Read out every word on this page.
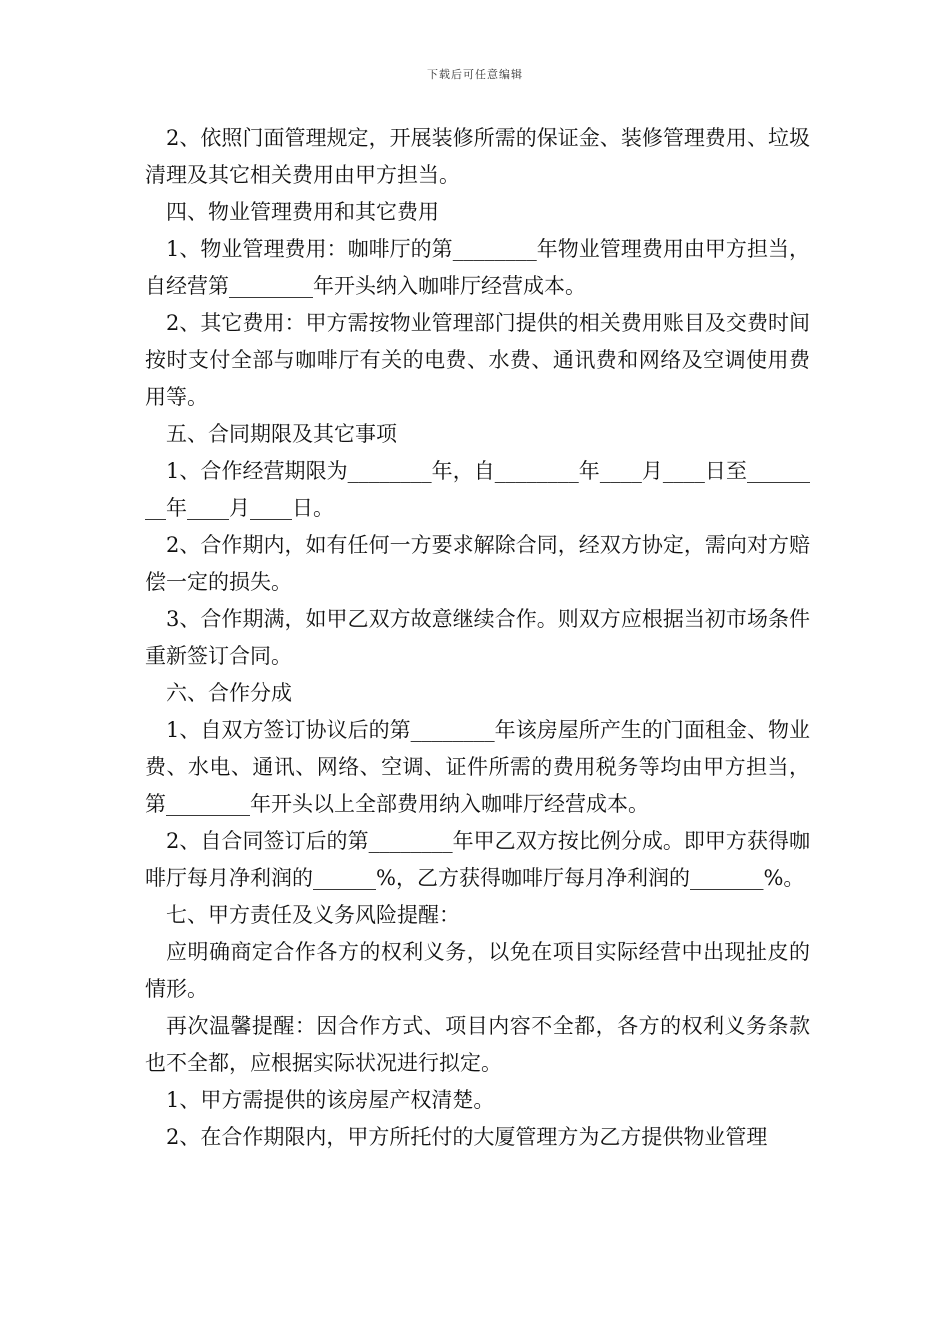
下载后可任意编辑

2、依照门面管理规定，开展装修所需的保证金、装修管理费用、垃圾清理及其它相关费用由甲方担当。

四、物业管理费用和其它费用

1、物业管理费用：咖啡厅的第________年物业管理费用由甲方担当，自经营第________年开头纳入咖啡厅经营成本。

2、其它费用：甲方需按物业管理部门提供的相关费用账目及交费时间按时支付全部与咖啡厅有关的电费、水费、通讯费和网络及空调使用费用等。

五、合同期限及其它事项

1、合作经营期限为________年，自________年____月____日至________年____月____日。

2、合作期内，如有任何一方要求解除合同，经双方协定，需向对方赔偿一定的损失。

3、合作期满，如甲乙双方故意继续合作。则双方应根据当初市场条件重新签订合同。

六、合作分成

1、自双方签订协议后的第________年该房屋所产生的门面租金、物业费、水电、通讯、网络、空调、证件所需的费用税务等均由甲方担当，第________年开头以上全部费用纳入咖啡厅经营成本。

2、自合同签订后的第________年甲乙双方按比例分成。即甲方获得咖啡厅每月净利润的______%，乙方获得咖啡厅每月净利润的_______%。

七、甲方责任及义务风险提醒：

应明确商定合作各方的权利义务，以免在项目实际经营中出现扯皮的情形。

再次温馨提醒：因合作方式、项目内容不全都，各方的权利义务条款也不全都，应根据实际状况进行拟定。

1、甲方需提供的该房屋产权清楚。

2、在合作期限内，甲方所托付的大厦管理方为乙方提供物业管理
